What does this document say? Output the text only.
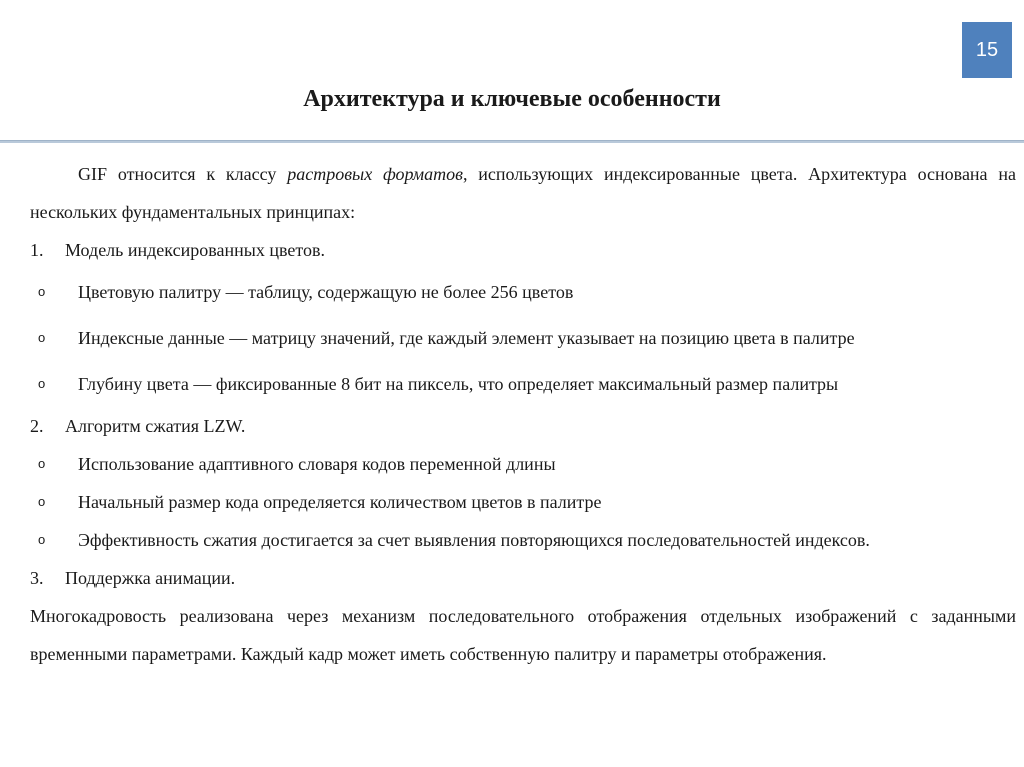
15
Архитектура и ключевые особенности

GIF относится к классу растровых форматов, использующих индексированные цвета. Архитектура основана на нескольких фундаментальных принципах:

1. Модель индексированных цветов.

o Цветовую палитру — таблицу, содержащую не более 256 цветов

o Индексные данные — матрицу значений, где каждый элемент указывает на позицию цвета в палитре

o Глубину цвета — фиксированные 8 бит на пиксель, что определяет максимальный размер палитры

2. Алгоритм сжатия LZW.

o Использование адаптивного словаря кодов переменной длины

o Начальный размер кода определяется количеством цветов в палитре

o Эффективность сжатия достигается за счет выявления повторяющихся последовательностей индексов.

3. Поддержка анимации.

Многокадровость реализована через механизм последовательного отображения отдельных изображений с заданными временными параметрами. Каждый кадр может иметь собственную палитру и параметры отображения.
